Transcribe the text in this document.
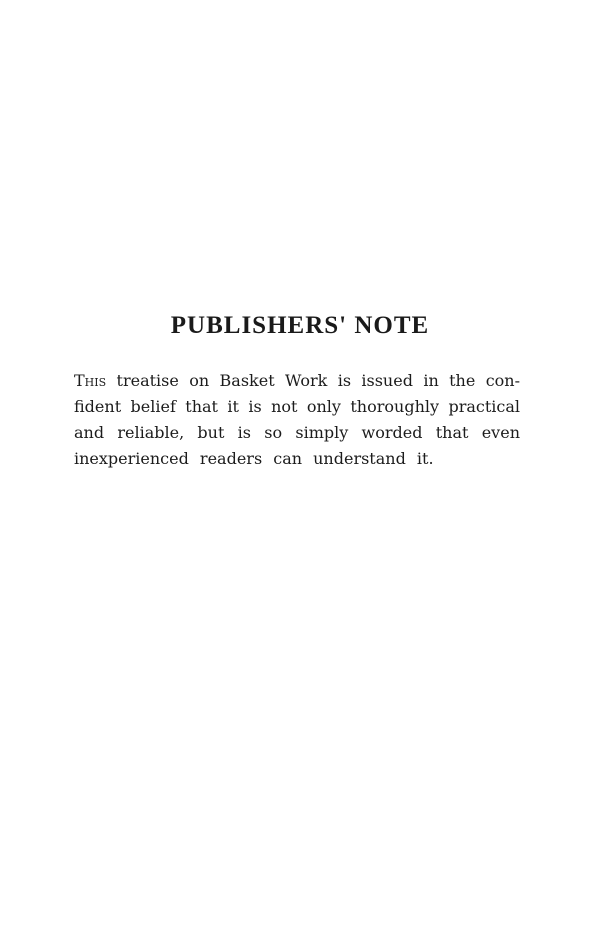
PUBLISHERS' NOTE
This treatise on Basket Work is issued in the con-
fident belief that it is not only thoroughly practical
and reliable, but is so simply worded that even
inexperienced readers can understand it.
